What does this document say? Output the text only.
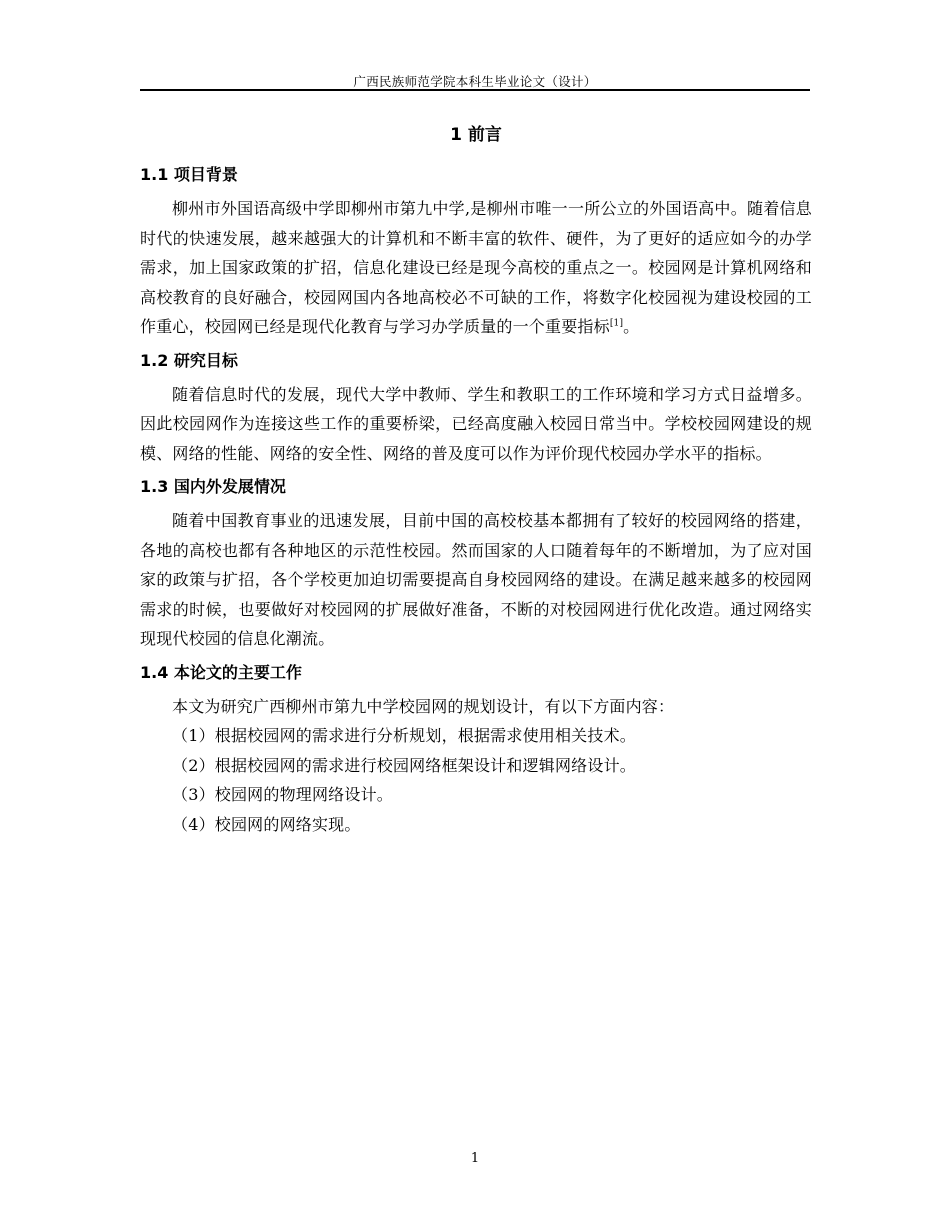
广西民族师范学院本科生毕业论文（设计）
1 前言
1.1 项目背景

柳州市外国语高级中学即柳州市第九中学,是柳州市唯一一所公立的外国语高中。随着信息时代的快速发展，越来越强大的计算机和不断丰富的软件、硬件，为了更好的适应如今的办学需求，加上国家政策的扩招，信息化建设已经是现今高校的重点之一。校园网是计算机网络和高校教育的良好融合，校园网国内各地高校必不可缺的工作，将数字化校园视为建设校园的工作重心，校园网已经是现代化教育与学习办学质量的一个重要指标[1]。

1.2 研究目标

随着信息时代的发展，现代大学中教师、学生和教职工的工作环境和学习方式日益增多。因此校园网作为连接这些工作的重要桥梁，已经高度融入校园日常当中。学校校园网建设的规模、网络的性能、网络的安全性、网络的普及度可以作为评价现代校园办学水平的指标。

1.3 国内外发展情况

随着中国教育事业的迅速发展，目前中国的高校校基本都拥有了较好的校园网络的搭建，各地的高校也都有各种地区的示范性校园。然而国家的人口随着每年的不断增加，为了应对国家的政策与扩招，各个学校更加迫切需要提高自身校园网络的建设。在满足越来越多的校园网需求的时候，也要做好对校园网的扩展做好准备，不断的对校园网进行优化改造。通过网络实现现代校园的信息化潮流。

1.4 本论文的主要工作

本文为研究广西柳州市第九中学校园网的规划设计，有以下方面内容：

（1）根据校园网的需求进行分析规划，根据需求使用相关技术。
（2）根据校园网的需求进行校园网络框架设计和逻辑网络设计。
（3）校园网的物理网络设计。
（4）校园网的网络实现。
1
